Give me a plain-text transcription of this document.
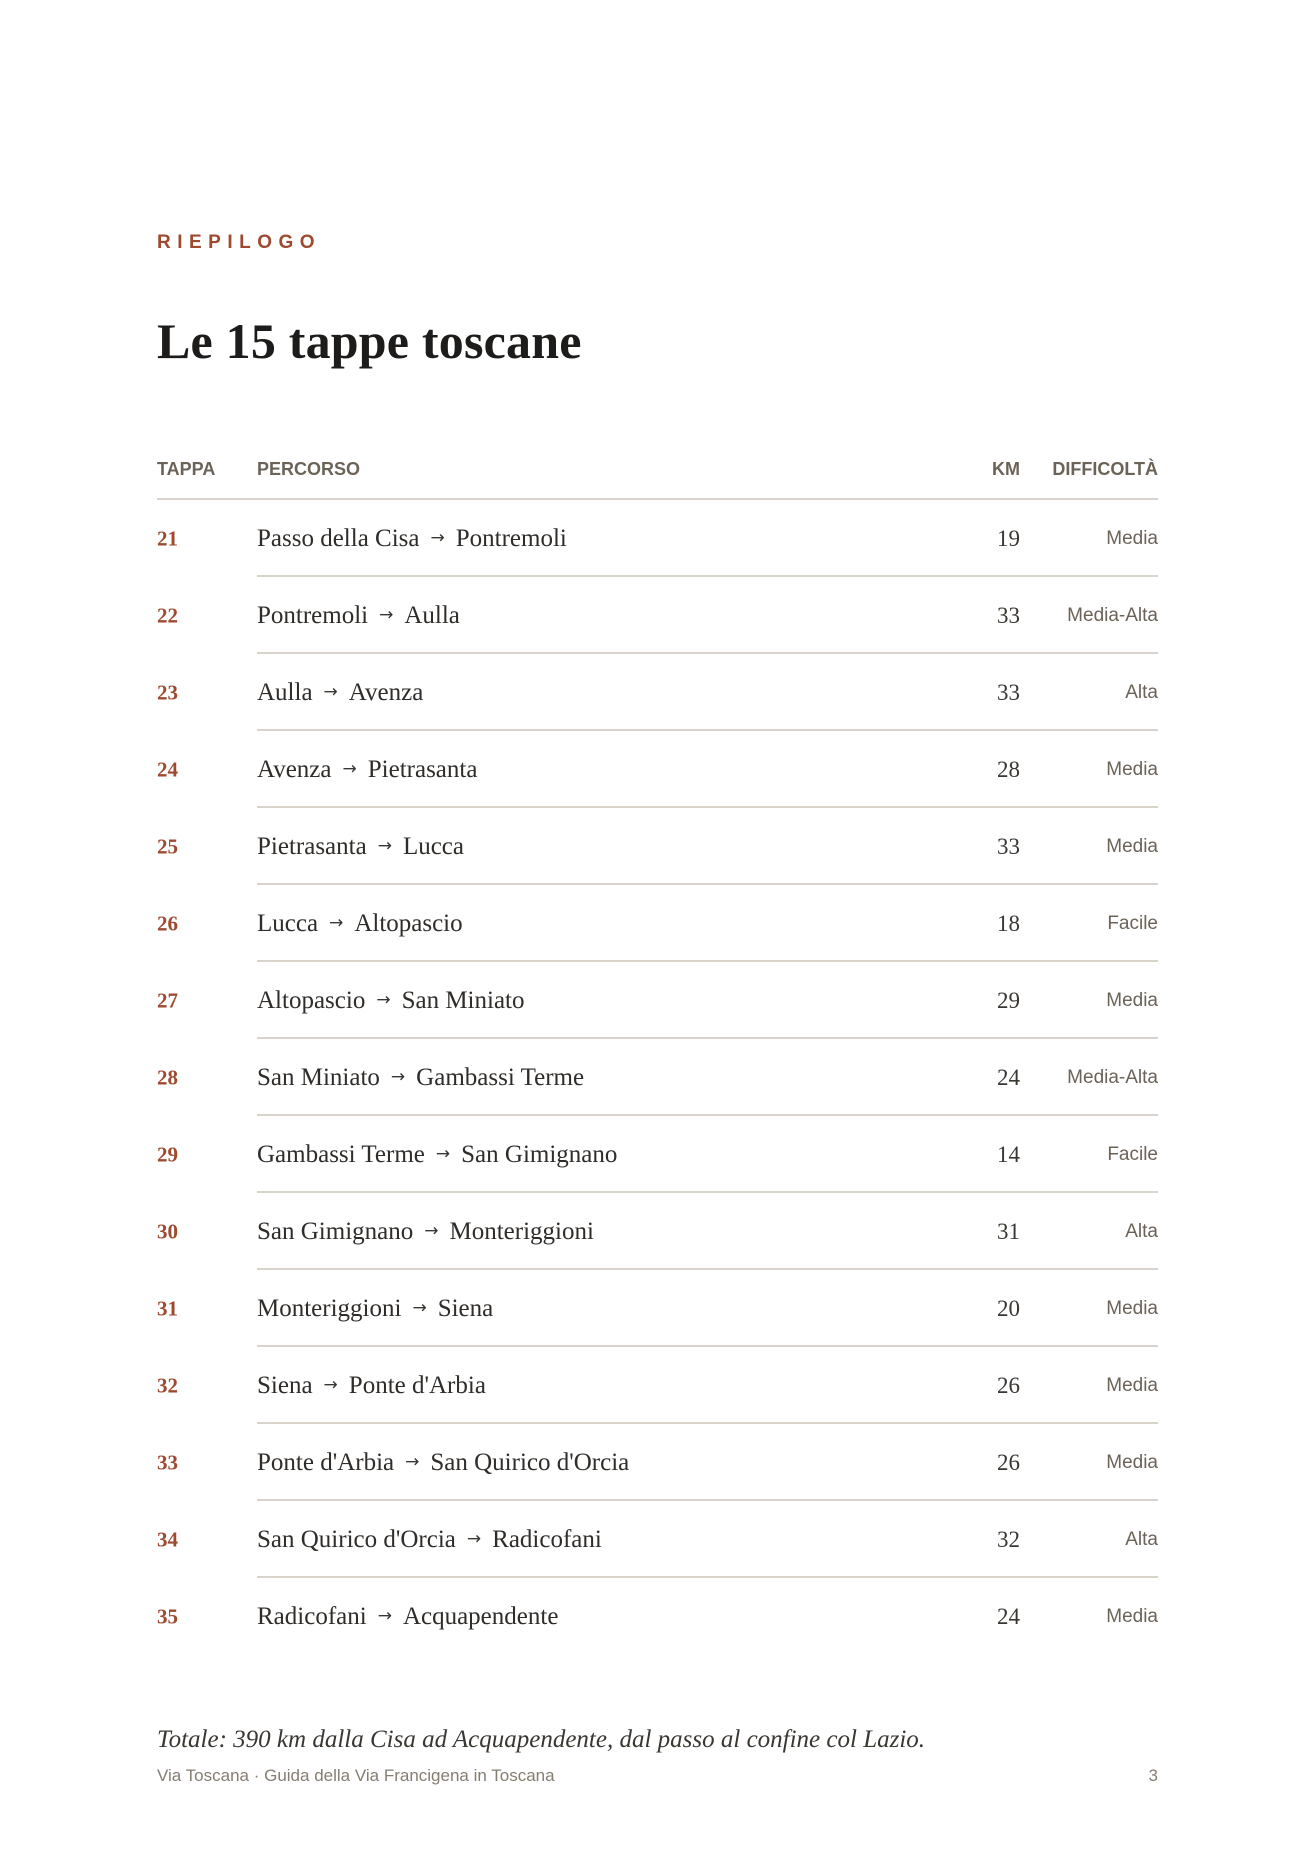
RIEPILOGO
Le 15 tappe toscane
TAPPA PERCORSO	KM DIFFICOLTÀ
21	Passo della Cisa → Pontremoli	19	Media
22	Pontremoli → Aulla	33 Media-Alta
23	Aulla → Avenza	33	Alta
24	Avenza → Pietrasanta	28	Media
25	Pietrasanta → Lucca	33	Media
26	Lucca → Altopascio	18	Facile
27	Altopascio → San Miniato	29	Media
28	San Miniato → Gambassi Terme	24 Media-Alta
29	Gambassi Terme → San Gimignano	14	Facile
30	San Gimignano → Monteriggioni	31	Alta
31	Monteriggioni → Siena	20	Media
32	Siena → Ponte d'Arbia	26	Media
33	Ponte d'Arbia → San Quirico d'Orcia	26	Media
34	San Quirico d'Orcia → Radicofani	32	Alta
35	Radicofani → Acquapendente	24	Media
Totale: 390 km dalla Cisa ad Acquapendente, dal passo al confine col Lazio.
Via Toscana · Guida della Via Francigena in Toscana	3
